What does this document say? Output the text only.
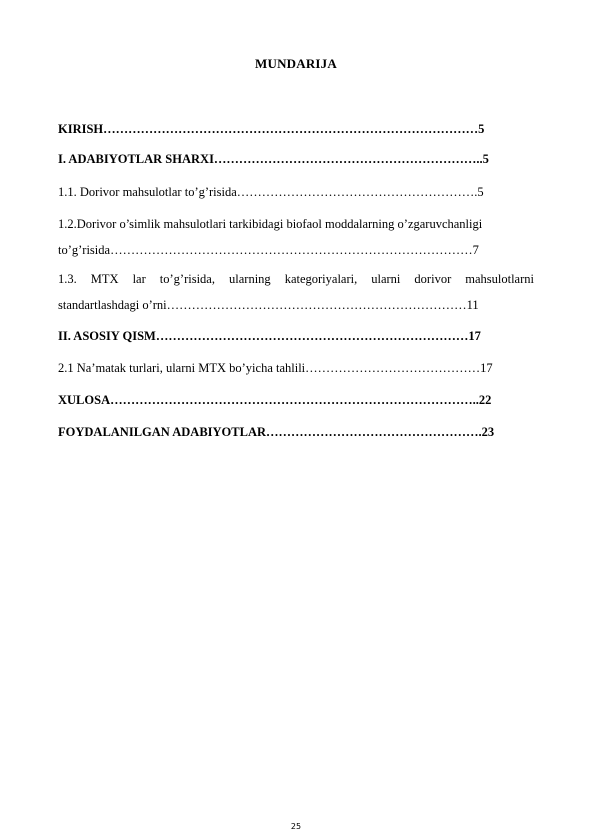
MUNDARIJA
KIRISH………………………………………………………………………………5
I. ADABIYOTLAR SHARXI………………………………………………………..5
1.1. Dorivor mahsulotlar to’g’risida………………………………………………….5
1.2.Dorivor o’simlik mahsulotlari tarkibidagi biofaol moddalarning o’zgaruvchanligi
to’g’risida……………………………………………………………………………7
1.3. MTX lar to’g’risida, ularning kategoriyalari, ularni dorivor mahsulotlarni
standartlashdagi o’rni………………………………………………………………11
II. ASOSIY QISM…………………………………………………………………17
2.1 Na’matak turlari, ularni MTX bo’yicha tahlili……………………………………17
XULOSA……………………………………………………………………………..22
FOYDALANILGAN ADABIYOTLAR…………………………………………….23
25
